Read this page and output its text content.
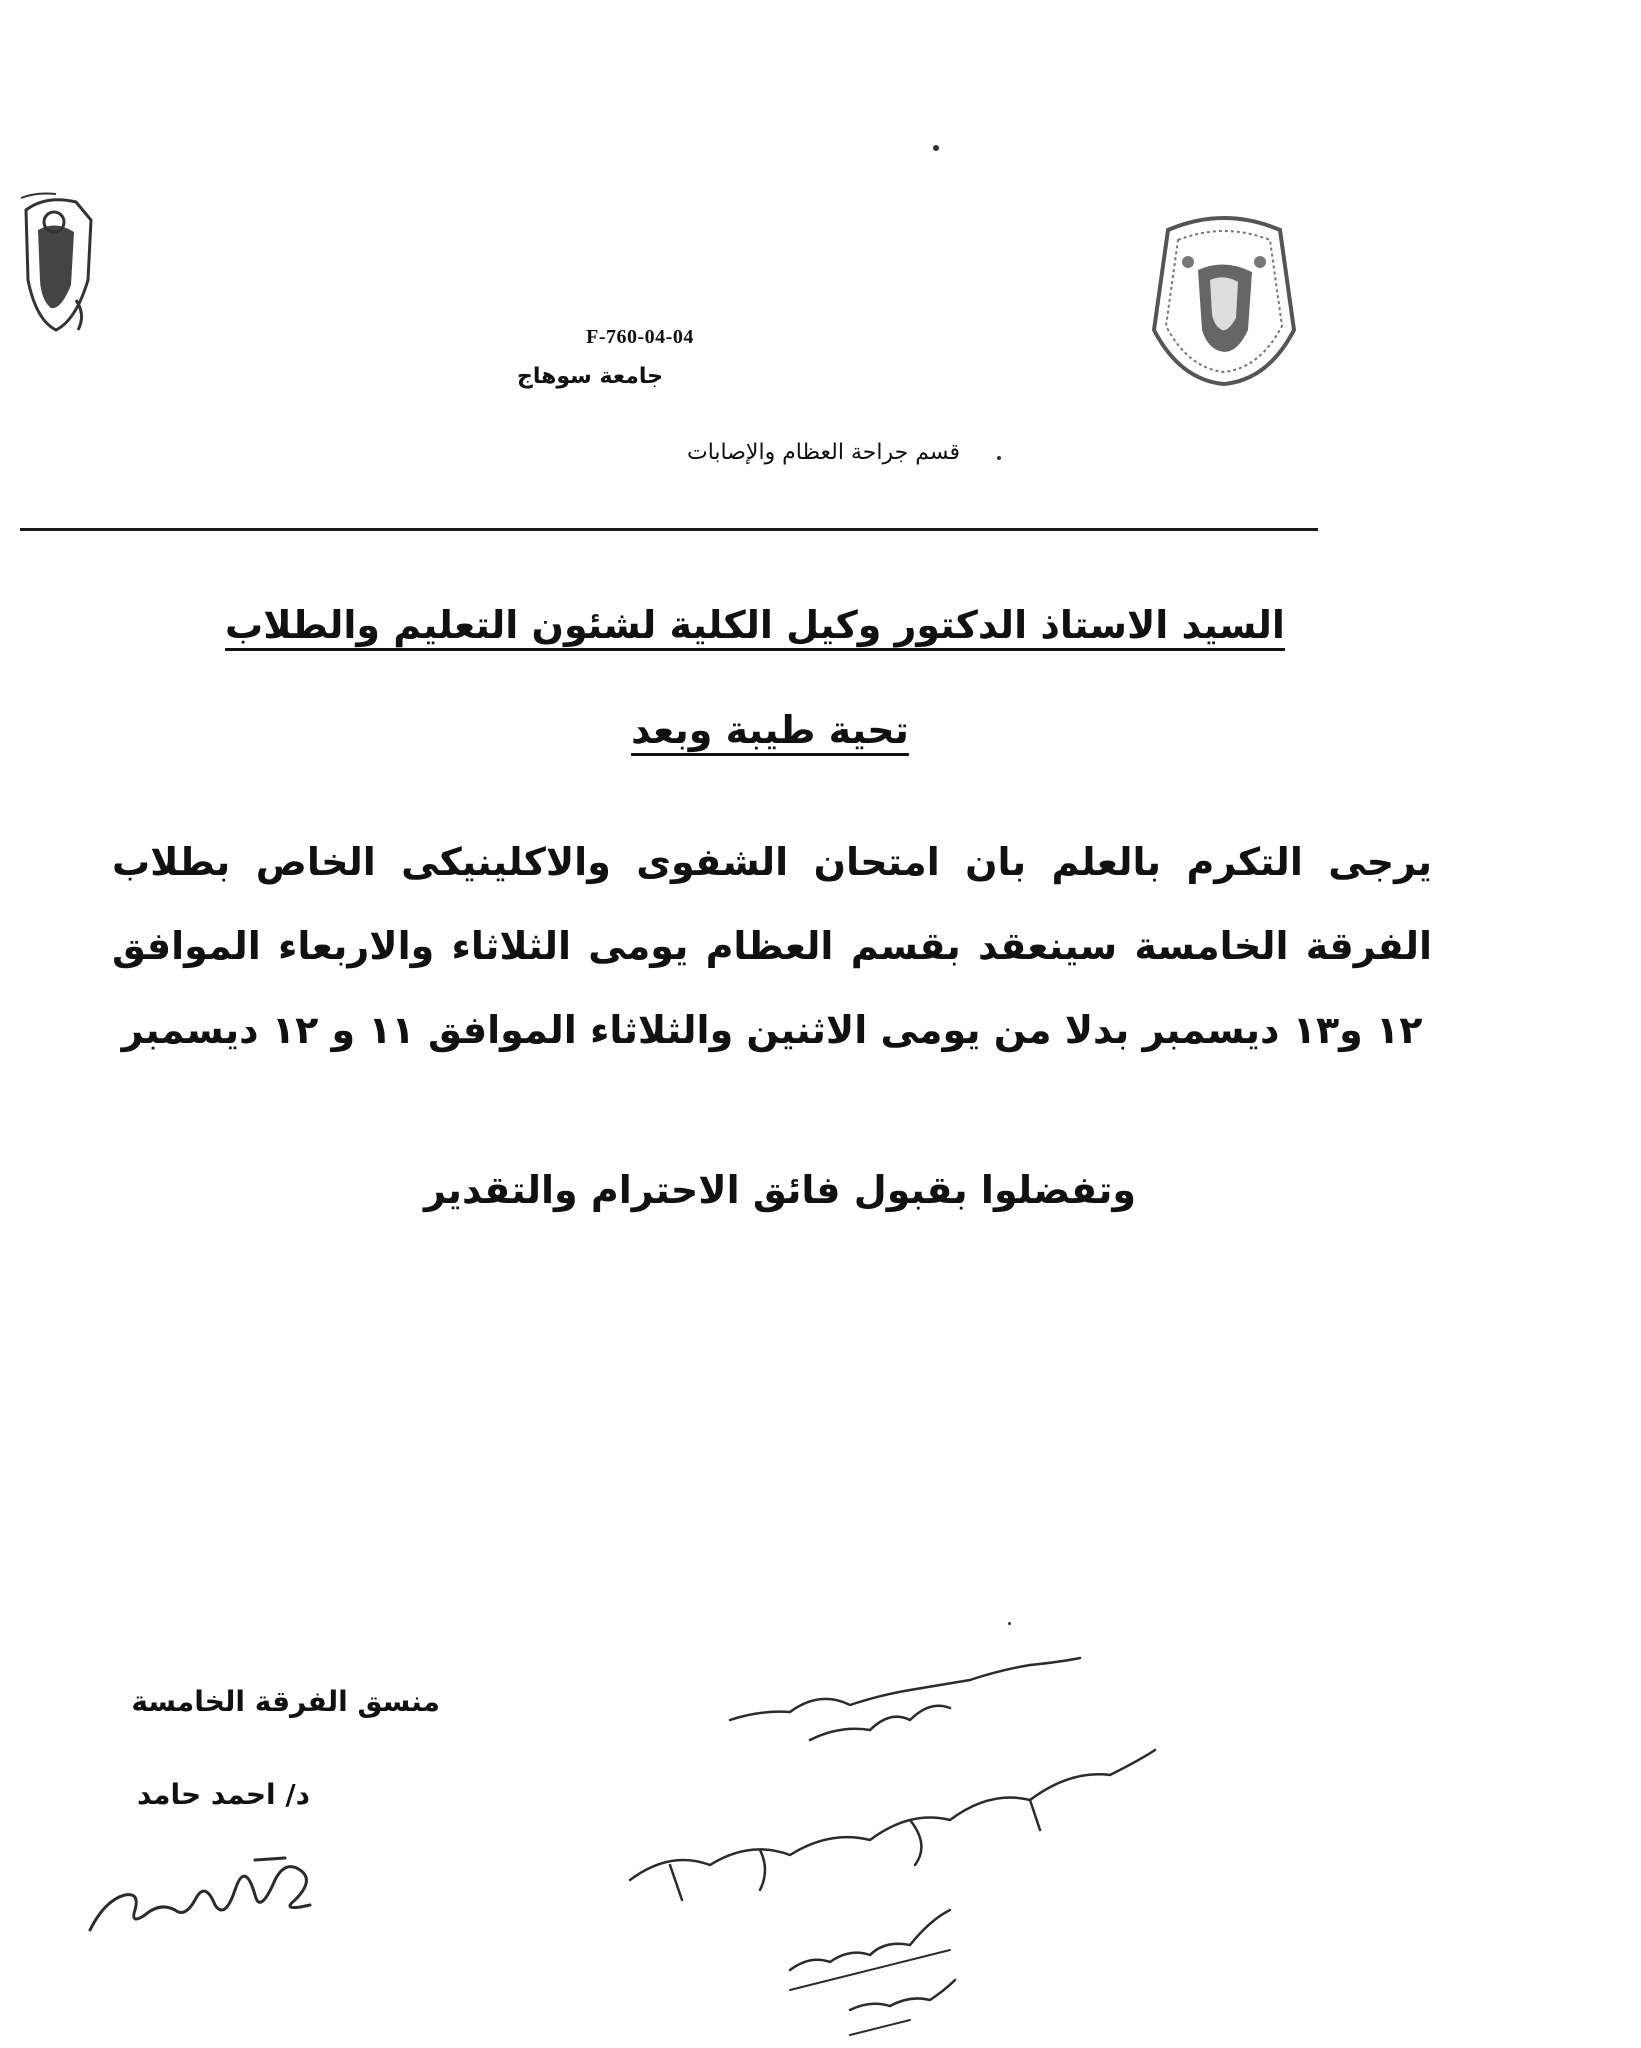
F-760-04-04
جامعة سوهاج
قسم جراحة العظام والإصابات
السيد الاستاذ الدكتور وكيل الكلية لشئون التعليم والطلاب
تحية طيبة وبعد
يرجى التكرم بالعلم بان امتحان الشفوى والاكلينيكى الخاص بطلاب الفرقة الخامسة سينعقد بقسم العظام يومى الثلاثاء والاربعاء الموافق ١٢ و١٣ ديسمبر بدلا من يومى الاثنين والثلاثاء الموافق ١١ و ١٢ ديسمبر
وتفضلوا بقبول فائق الاحترام والتقدير
منسق الفرقة الخامسة
د/ احمد حامد
